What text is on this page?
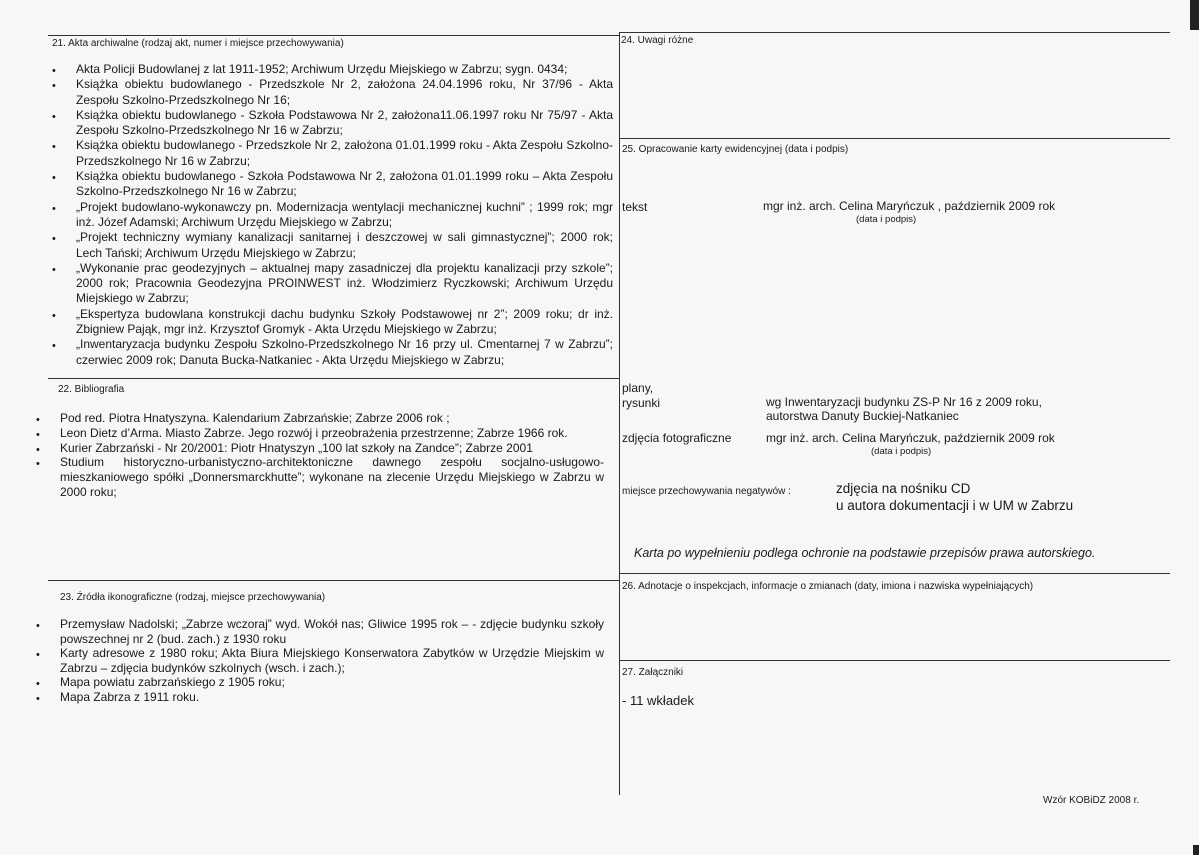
21. Akta archiwalne (rodzaj akt, numer i miejsce przechowywania)
• Akta Policji Budowlanej z lat 1911-1952; Archiwum Urzędu Miejskiego w Zabrzu; sygn. 0434;
• Książka obiektu budowlanego - Przedszkole Nr 2, założona 24.04.1996 roku, Nr 37/96 - Akta Zespołu Szkolno-Przedszkolnego Nr 16;
• Książka obiektu budowlanego - Szkoła Podstawowa Nr 2, założona11.06.1997 roku Nr 75/97 - Akta Zespołu Szkolno-Przedszkolnego Nr 16 w Zabrzu;
• Książka obiektu budowlanego - Przedszkole Nr 2, założona 01.01.1999 roku - Akta Zespołu Szkolno-Przedszkolnego Nr 16 w Zabrzu;
• Książka obiektu budowlanego - Szkoła Podstawowa Nr 2, założona 01.01.1999 roku – Akta Zespołu Szkolno-Przedszkolnego Nr 16 w Zabrzu;
• „Projekt budowlano-wykonawczy pn. Modernizacja wentylacji mechanicznej kuchni” ; 1999 rok; mgr inż. Józef Adamski; Archiwum Urzędu Miejskiego w Zabrzu;
• „Projekt techniczny wymiany kanalizacji sanitarnej i deszczowej w sali gimnastycznej”; 2000 rok; Lech Tański; Archiwum Urzędu Miejskiego w Zabrzu;
• „Wykonanie prac geodezyjnych – aktualnej mapy zasadniczej dla projektu kanalizacji przy szkole”; 2000 rok; Pracownia Geodezyjna PROINWEST inż. Włodzimierz Ryczkowski; Archiwum Urzędu Miejskiego w Zabrzu;
• „Ekspertyza budowlana konstrukcji dachu budynku Szkoły Podstawowej nr 2”; 2009 roku; dr inż. Zbigniew Pająk, mgr inż. Krzysztof Gromyk - Akta Urzędu Miejskiego w Zabrzu;
• „Inwentaryzacja budynku Zespołu Szkolno-Przedszkolnego Nr 16 przy ul. Cmentarnej 7 w Zabrzu”; czerwiec 2009 rok; Danuta Bucka-Natkaniec - Akta Urzędu Miejskiego w Zabrzu;
22. Bibliografia
• Pod red. Piotra Hnatyszyna. Kalendarium Zabrzańskie; Zabrze 2006 rok ;
• Leon Dietz d’Arma. Miasto Zabrze. Jego rozwój i przeobrażenia przestrzenne; Zabrze 1966 rok.
• Kurier Zabrzański - Nr 20/2001: Piotr Hnatyszyn „100 lat szkoły na Zandce”; Zabrze 2001
• Studium historyczno-urbanistyczno-architektoniczne dawnego zespołu socjalno-usługowo-mieszkaniowego spółki „Donnersmarckhutte”; wykonane na zlecenie Urzędu Miejskiego w Zabrzu w 2000 roku;
23. Źródła ikonograficzne (rodzaj, miejsce przechowywania)
• Przemysław Nadolski; „Zabrze wczoraj” wyd. Wokół nas; Gliwice 1995 rok – - zdjęcie budynku szkoły powszechnej nr 2 (bud. zach.) z 1930 roku
• Karty adresowe z 1980 roku; Akta Biura Miejskiego Konserwatora Zabytków w Urzędzie Miejskim w Zabrzu – zdjęcia budynków szkolnych (wsch. i zach.);
• Mapa powiatu zabrzańskiego z 1905 roku;
• Mapa Zabrza z 1911 roku.
24. Uwagi różne
25. Opracowanie karty ewidencyjnej (data i podpis)
tekst	mgr inż. arch. Celina Maryńczuk , październik 2009 rok
(data i podpis)
plany,
rysunki	wg Inwentaryzacji budynku ZS-P Nr 16 z 2009 roku,
autorstwa Danuty Buckiej-Natkaniec
zdjęcia fotograficzne	mgr inż. arch. Celina Maryńczuk, październik 2009 rok
(data i podpis)
miejsce przechowywania negatywów :	zdjęcia na nośniku CD
u autora dokumentacji i w UM w Zabrzu
Karta po wypełnieniu podlega ochronie na podstawie przepisów prawa autorskiego.
26. Adnotacje o inspekcjach, informacje o zmianach (daty, imiona i nazwiska wypełniających)
27. Załączniki
- 11 wkładek
Wzór KOBiDZ 2008 r.
